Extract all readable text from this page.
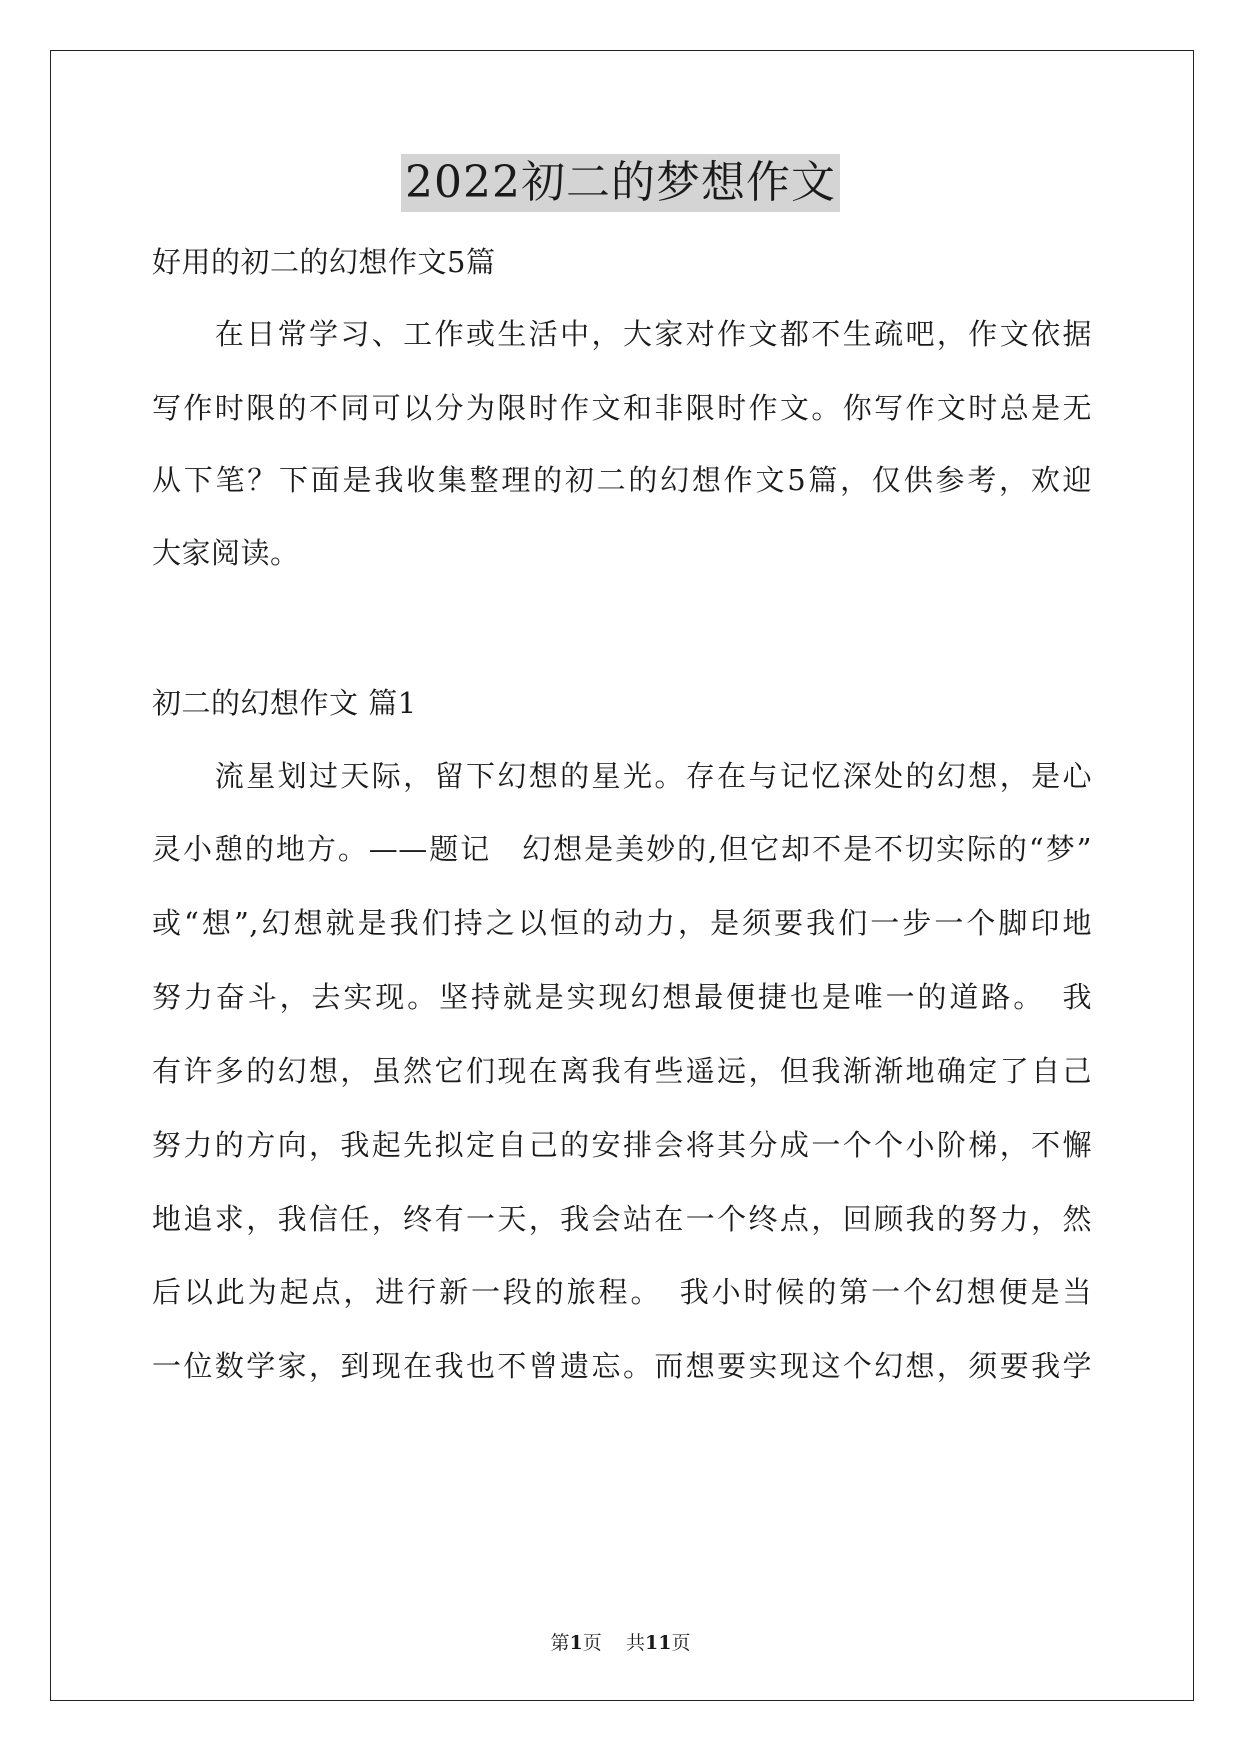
2022初二的梦想作文
好用的初二的幻想作文5篇
　　在日常学习、工作或生活中，大家对作文都不生疏吧，作文依据
写作时限的不同可以分为限时作文和非限时作文。你写作文时总是无
从下笔？下面是我收集整理的初二的幻想作文5篇，仅供参考，欢迎
大家阅读。
初二的幻想作文 篇1
　　流星划过天际，留下幻想的星光。存在与记忆深处的幻想，是心
灵小憩的地方。——题记　幻想是美妙的,但它却不是不切实际的“梦”
或“想”,幻想就是我们持之以恒的动力，是须要我们一步一个脚印地
努力奋斗，去实现。坚持就是实现幻想最便捷也是唯一的道路。　我
有许多的幻想，虽然它们现在离我有些遥远，但我渐渐地确定了自己
努力的方向，我起先拟定自己的安排会将其分成一个个小阶梯，不懈
地追求，我信任，终有一天，我会站在一个终点，回顾我的努力，然
后以此为起点，进行新一段的旅程。　我小时候的第一个幻想便是当
一位数学家，到现在我也不曾遗忘。而想要实现这个幻想，须要我学
第1页 共11页
